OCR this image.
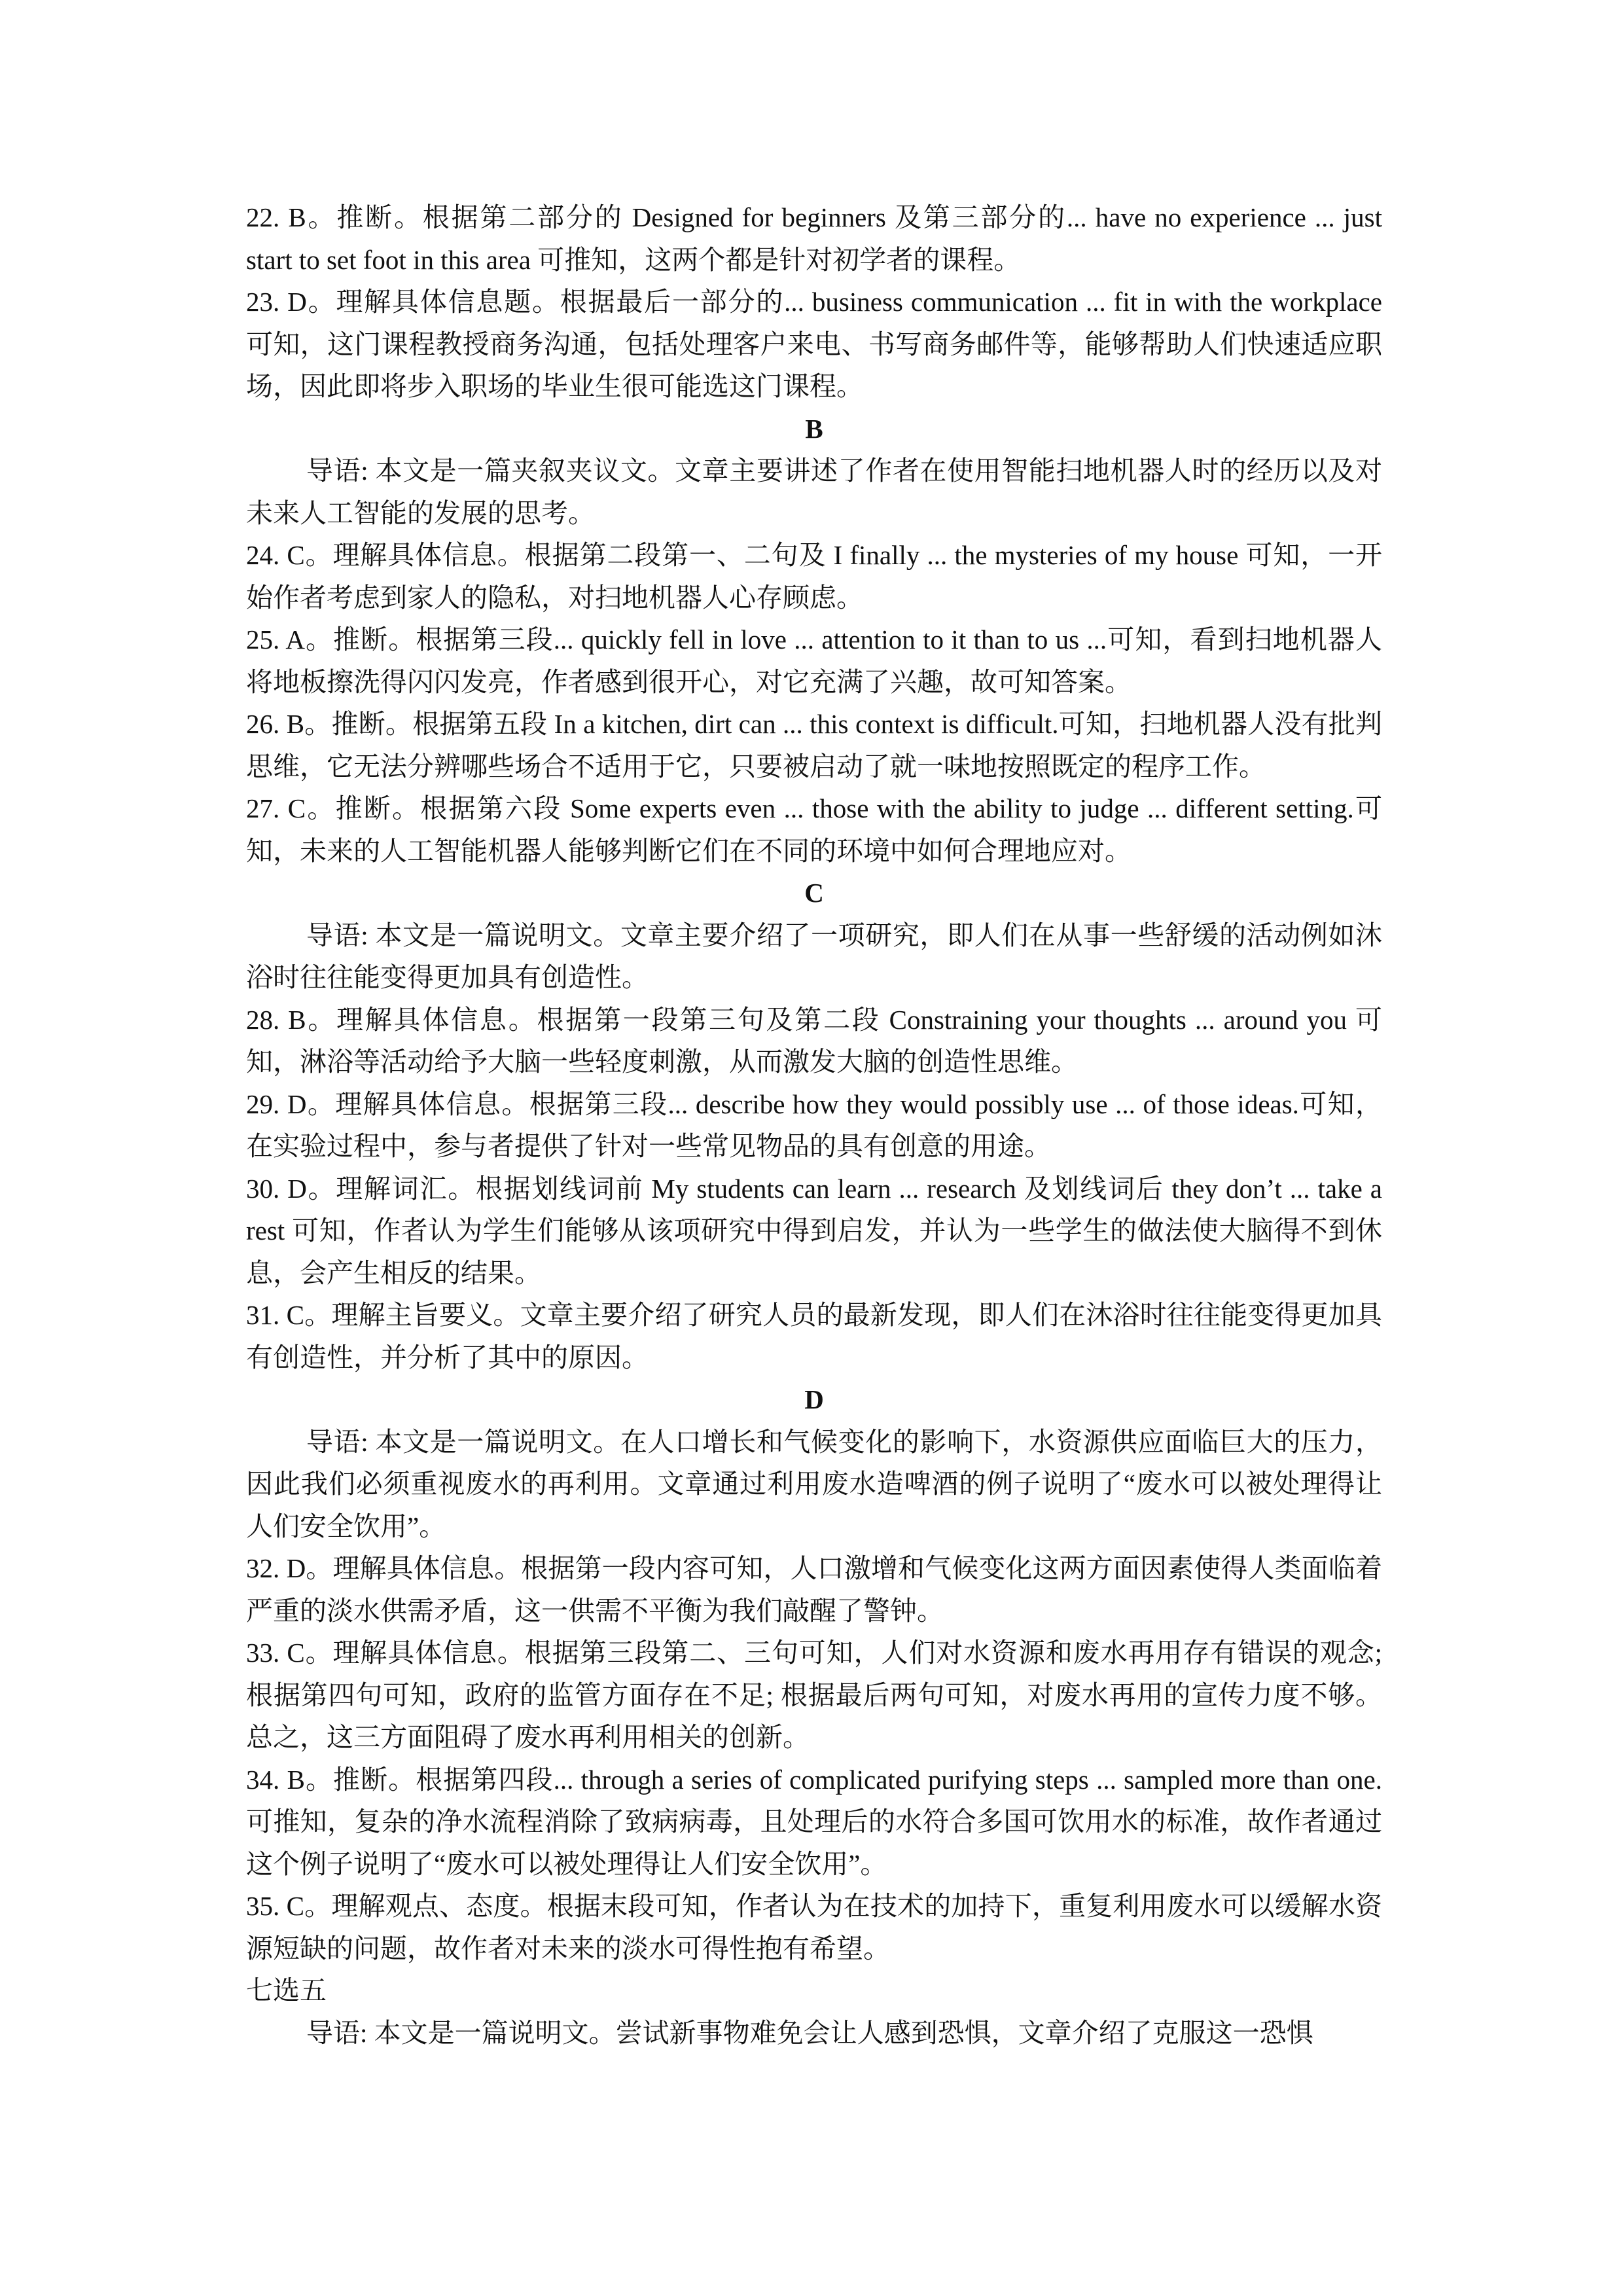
22. B。推断。根据第二部分的 Designed for beginners 及第三部分的... have no experience ... just start to set foot in this area 可推知，这两个都是针对初学者的课程。

23. D。理解具体信息题。根据最后一部分的... business communication ... fit in with the workplace 可知，这门课程教授商务沟通，包括处理客户来电、书写商务邮件等，能够帮助人们快速适应职场，因此即将步入职场的毕业生很可能选这门课程。

B

导语: 本文是一篇夹叙夹议文。文章主要讲述了作者在使用智能扫地机器人时的经历以及对未来人工智能的发展的思考。

24. C。理解具体信息。根据第二段第一、二句及 I finally ... the mysteries of my house 可知，一开始作者考虑到家人的隐私，对扫地机器人心存顾虑。

25. A。推断。根据第三段... quickly fell in love ... attention to it than to us ...可知，看到扫地机器人将地板擦洗得闪闪发亮，作者感到很开心，对它充满了兴趣，故可知答案。

26. B。推断。根据第五段 In a kitchen, dirt can ... this context is difficult.可知，扫地机器人没有批判思维，它无法分辨哪些场合不适用于它，只要被启动了就一味地按照既定的程序工作。

27. C。推断。根据第六段 Some experts even ... those with the ability to judge ... different setting.可知，未来的人工智能机器人能够判断它们在不同的环境中如何合理地应对。

C

导语: 本文是一篇说明文。文章主要介绍了一项研究，即人们在从事一些舒缓的活动例如沐浴时往往能变得更加具有创造性。

28. B。理解具体信息。根据第一段第三句及第二段 Constraining your thoughts ... around you 可知，淋浴等活动给予大脑一些轻度刺激，从而激发大脑的创造性思维。

29. D。理解具体信息。根据第三段... describe how they would possibly use ... of those ideas.可知，在实验过程中，参与者提供了针对一些常见物品的具有创意的用途。

30. D。理解词汇。根据划线词前 My students can learn ... research 及划线词后 they don’t ... take a rest 可知，作者认为学生们能够从该项研究中得到启发，并认为一些学生的做法使大脑得不到休息，会产生相反的结果。

31. C。理解主旨要义。文章主要介绍了研究人员的最新发现，即人们在沐浴时往往能变得更加具有创造性，并分析了其中的原因。

D

导语: 本文是一篇说明文。在人口增长和气候变化的影响下，水资源供应面临巨大的压力，因此我们必须重视废水的再利用。文章通过利用废水造啤酒的例子说明了“废水可以被处理得让人们安全饮用”。

32. D。理解具体信息。根据第一段内容可知，人口激增和气候变化这两方面因素使得人类面临着严重的淡水供需矛盾，这一供需不平衡为我们敲醒了警钟。

33. C。理解具体信息。根据第三段第二、三句可知，人们对水资源和废水再用存有错误的观念; 根据第四句可知，政府的监管方面存在不足; 根据最后两句可知，对废水再用的宣传力度不够。总之，这三方面阻碍了废水再利用相关的创新。

34. B。推断。根据第四段... through a series of complicated purifying steps ... sampled more than one.可推知，复杂的净水流程消除了致病病毒，且处理后的水符合多国可饮用水的标准，故作者通过这个例子说明了“废水可以被处理得让人们安全饮用”。

35. C。理解观点、态度。根据末段可知，作者认为在技术的加持下，重复利用废水可以缓解水资源短缺的问题，故作者对未来的淡水可得性抱有希望。

七选五

导语: 本文是一篇说明文。尝试新事物难免会让人感到恐惧，文章介绍了克服这一恐惧
